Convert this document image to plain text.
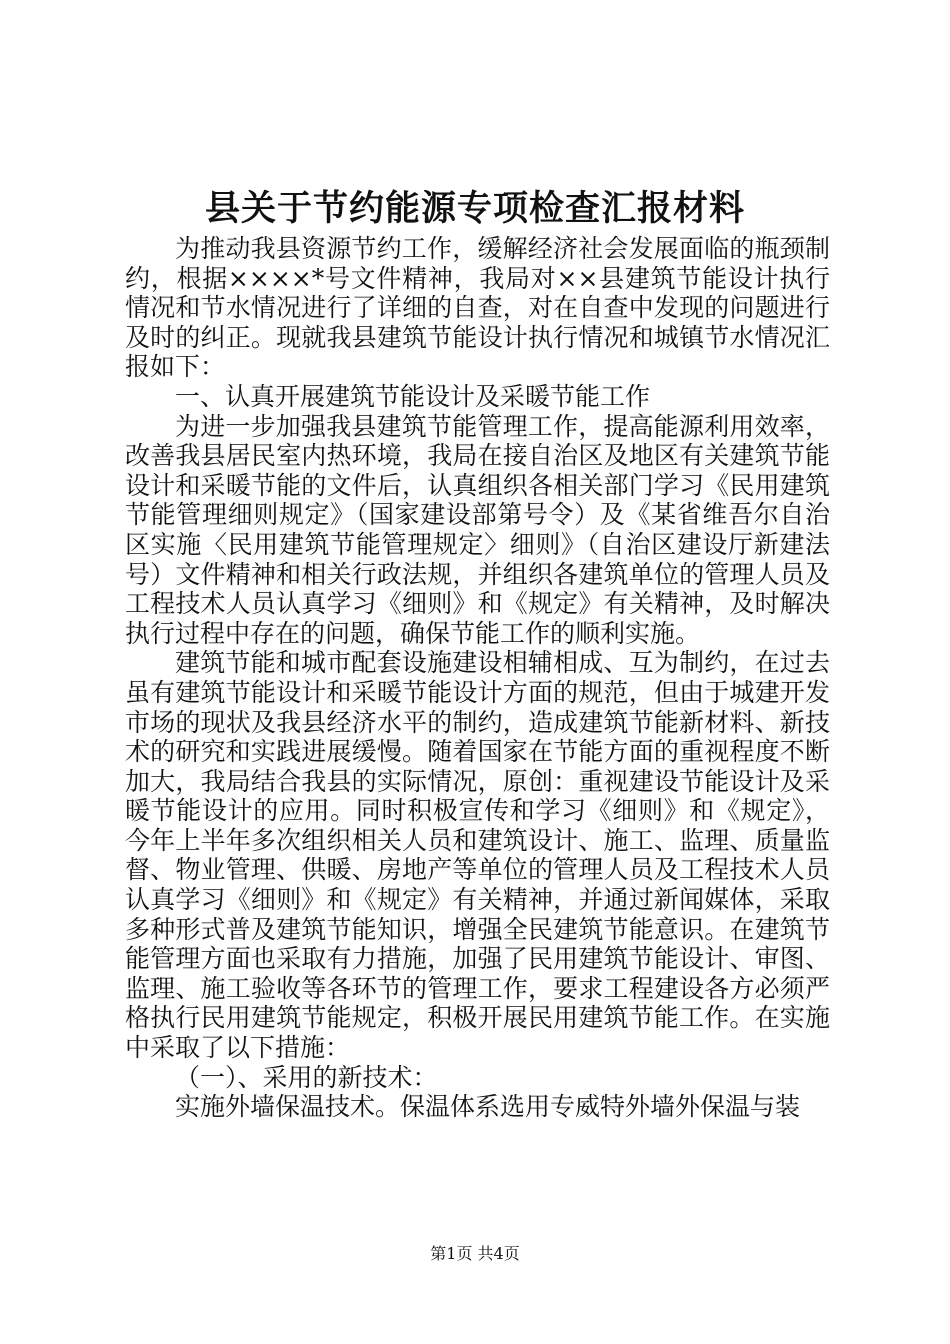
县关于节约能源专项检查汇报材料

为推动我县资源节约工作，缓解经济社会发展面临的瓶颈制约，根据××××*号文件精神，我局对××县建筑节能设计执行情况和节水情况进行了详细的自查，对在自查中发现的问题进行及时的纠正。现就我县建筑节能设计执行情况和城镇节水情况汇报如下：

一、认真开展建筑节能设计及采暖节能工作

为进一步加强我县建筑节能管理工作，提高能源利用效率，改善我县居民室内热环境，我局在接自治区及地区有关建筑节能设计和采暖节能的文件后，认真组织各相关部门学习《民用建筑节能管理细则规定》（国家建设部第号令）及《某省维吾尔自治区实施〈民用建筑节能管理规定〉细则》（自治区建设厅新建法号）文件精神和相关行政法规，并组织各建筑单位的管理人员及工程技术人员认真学习《细则》和《规定》有关精神，及时解决执行过程中存在的问题，确保节能工作的顺利实施。

建筑节能和城市配套设施建设相辅相成、互为制约，在过去虽有建筑节能设计和采暖节能设计方面的规范，但由于城建开发市场的现状及我县经济水平的制约，造成建筑节能新材料、新技术的研究和实践进展缓慢。随着国家在节能方面的重视程度不断加大，我局结合我县的实际情况，原创：重视建设节能设计及采暖节能设计的应用。同时积极宣传和学习《细则》和《规定》，今年上半年多次组织相关人员和建筑设计、施工、监理、质量监督、物业管理、供暖、房地产等单位的管理人员及工程技术人员认真学习《细则》和《规定》有关精神，并通过新闻媒体，采取多种形式普及建筑节能知识，增强全民建筑节能意识。在建筑节能管理方面也采取有力措施，加强了民用建筑节能设计、审图、监理、施工验收等各环节的管理工作，要求工程建设各方必须严格执行民用建筑节能规定，积极开展民用建筑节能工作。在实施中采取了以下措施：

（一）、采用的新技术：

实施外墙保温技术。保温体系选用专威特外墙外保温与装

第1页 共4页
